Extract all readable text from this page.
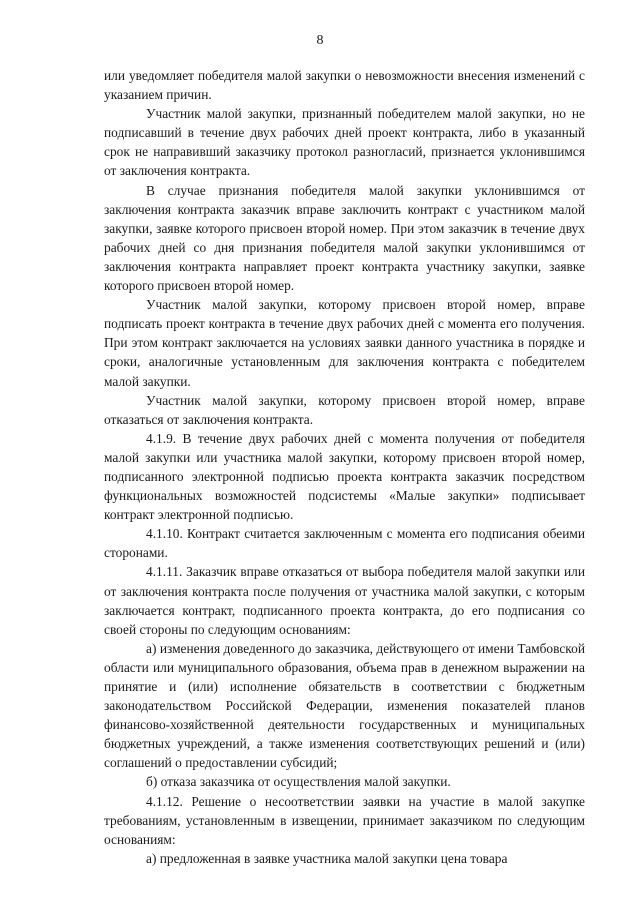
8

или уведомляет победителя малой закупки о невозможности внесения изменений с указанием причин.

Участник малой закупки, признанный победителем малой закупки, но не подписавший в течение двух рабочих дней проект контракта, либо в указанный срок не направивший заказчику протокол разногласий, признается уклонившимся от заключения контракта.

В случае признания победителя малой закупки уклонившимся от заключения контракта заказчик вправе заключить контракт с участником малой закупки, заявке которого присвоен второй номер. При этом заказчик в течение двух рабочих дней со дня признания победителя малой закупки уклонившимся от заключения контракта направляет проект контракта участнику закупки, заявке которого присвоен второй номер.

Участник малой закупки, которому присвоен второй номер, вправе подписать проект контракта в течение двух рабочих дней с момента его получения. При этом контракт заключается на условиях заявки данного участника в порядке и сроки, аналогичные установленным для заключения контракта с победителем малой закупки.

Участник малой закупки, которому присвоен второй номер, вправе отказаться от заключения контракта.

4.1.9. В течение двух рабочих дней с момента получения от победителя малой закупки или участника малой закупки, которому присвоен второй номер, подписанного электронной подписью проекта контракта заказчик посредством функциональных возможностей подсистемы «Малые закупки» подписывает контракт электронной подписью.

4.1.10. Контракт считается заключенным с момента его подписания обеими сторонами.

4.1.11. Заказчик вправе отказаться от выбора победителя малой закупки или от заключения контракта после получения от участника малой закупки, с которым заключается контракт, подписанного проекта контракта, до его подписания со своей стороны по следующим основаниям:

а) изменения доведенного до заказчика, действующего от имени Тамбовской области или муниципального образования, объема прав в денежном выражении на принятие и (или) исполнение обязательств в соответствии с бюджетным законодательством Российской Федерации, изменения показателей планов финансово-хозяйственной деятельности государственных и муниципальных бюджетных учреждений, а также изменения соответствующих решений и (или) соглашений о предоставлении субсидий;

б) отказа заказчика от осуществления малой закупки.

4.1.12. Решение о несоответствии заявки на участие в малой закупке требованиям, установленным в извещении, принимает заказчиком по следующим основаниям:

а) предложенная в заявке участника малой закупки цена товара
